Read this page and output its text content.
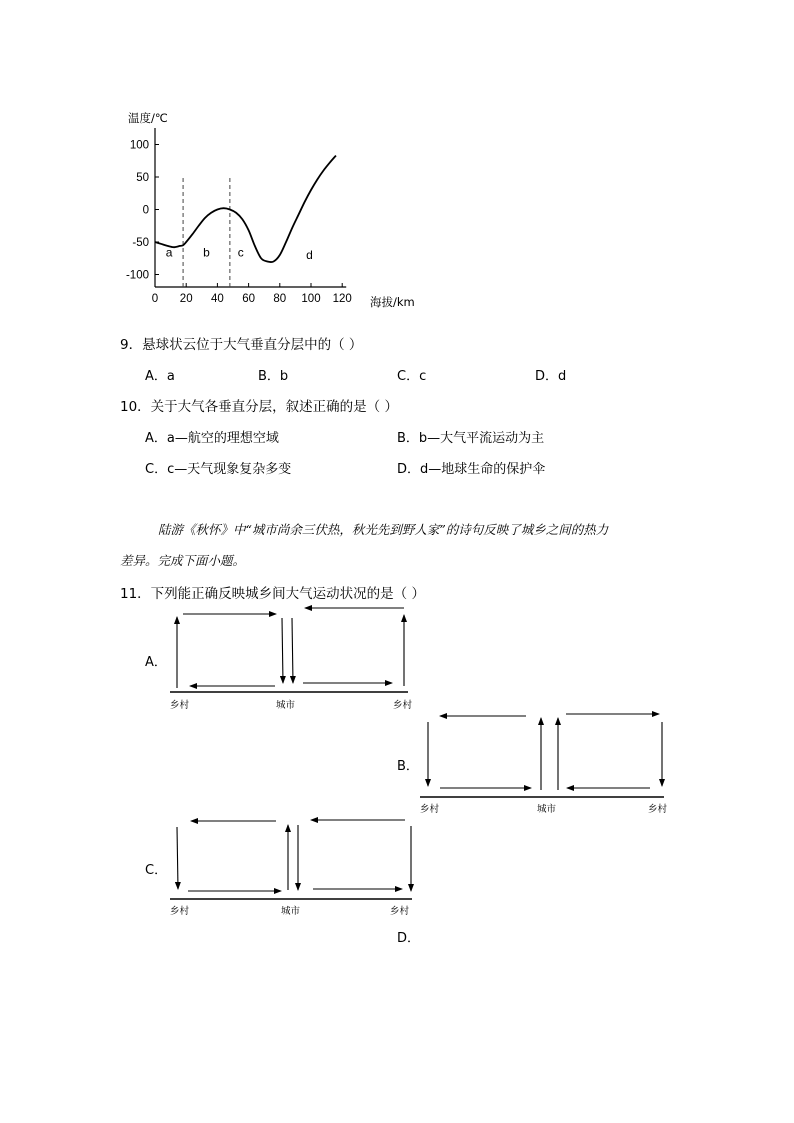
温度/℃
海拔/km
100
50
0
-50
-100
0 20 40 60 80 100 120
a	b c	d
9．悬球状云位于大气垂直分层中的（ ）
A．a	B．b	C．c	D．d
10．关于大气各垂直分层，叙述正确的是（ ）
A．a—航空的理想空域	B．b—大气平流运动为主
C．c—天气现象复杂多变	D．d—地球生命的保护伞
陆游《秋怀》中“城市尚余三伏热，秋光先到野人家”的诗句反映了城乡之间的热力
差异。完成下面小题。
11．下列能正确反映城乡间大气运动状况的是（ ）
A．
B．
C．
D．
乡村	城市	乡村
乡村	城市	乡村
乡村	城市	乡村
